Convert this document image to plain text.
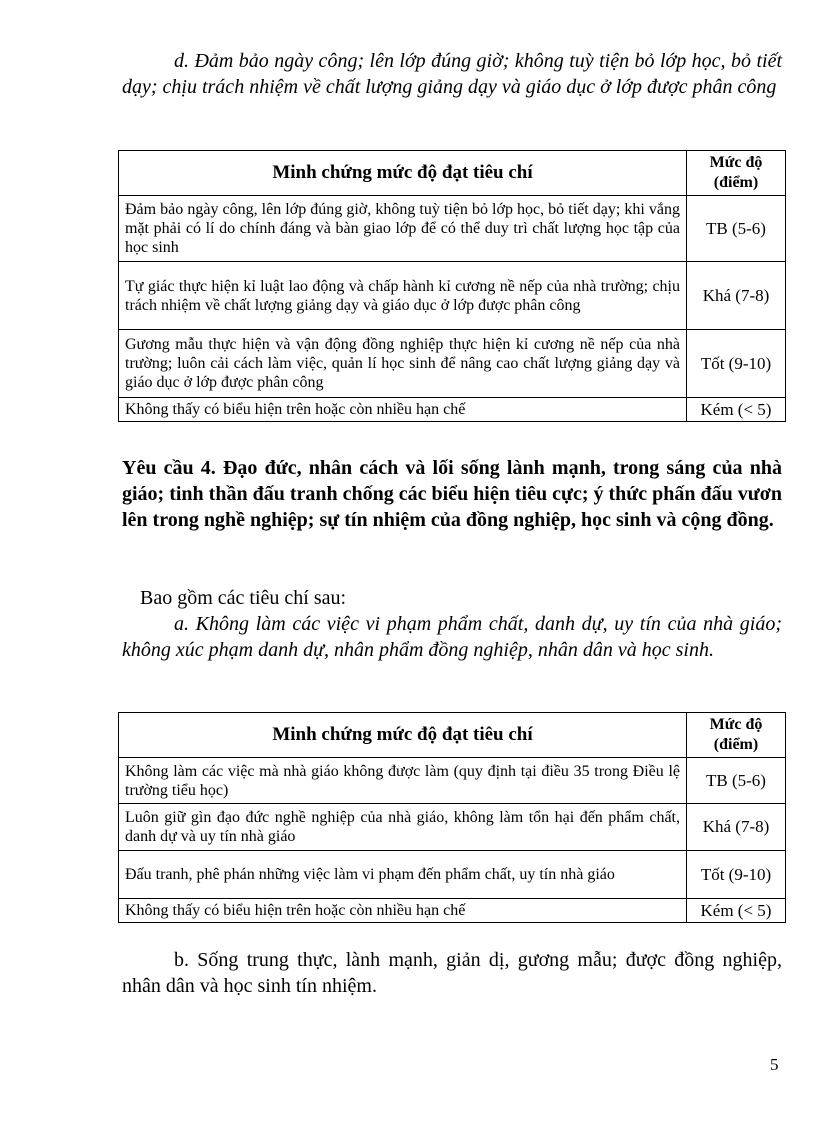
d. Đảm bảo ngày công; lên lớp đúng giờ; không tuỳ tiện bỏ lớp học, bỏ tiết dạy; chịu trách nhiệm về chất lượng giảng dạy và giáo dục ở lớp được phân công

Minh chứng mức độ đạt tiêu chí	Mức độ (điểm)
Đảm bảo ngày công, lên lớp đúng giờ, không tuỳ tiện bỏ lớp học, bỏ tiết dạy; khi vắng mặt phải có lí do chính đáng và bàn giao lớp để có thể duy trì chất lượng học tập của học sinh	TB (5-6)
Tự giác thực hiện kỉ luật lao động và chấp hành kỉ cương nề nếp của nhà trường; chịu trách nhiệm về chất lượng giảng dạy và giáo dục ở lớp được phân công	Khá (7-8)
Gương mẫu thực hiện và vận động đồng nghiệp thực hiện kỉ cương nề nếp của nhà trường; luôn cải cách làm việc, quản lí học sinh để nâng cao chất lượng giảng dạy và giáo dục ở lớp được phân công	Tốt (9-10)
Không thấy có biểu hiện trên hoặc còn nhiều hạn chế	Kém (< 5)

Yêu cầu 4. Đạo đức, nhân cách và lối sống lành mạnh, trong sáng của nhà giáo; tinh thần đấu tranh chống các biểu hiện tiêu cực; ý thức phấn đấu vươn lên trong nghề nghiệp; sự tín nhiệm của đồng nghiệp, học sinh và cộng đồng.

Bao gồm các tiêu chí sau:

a. Không làm các việc vi phạm phẩm chất, danh dự, uy tín của nhà giáo; không xúc phạm danh dự, nhân phẩm đồng nghiệp, nhân dân và học sinh.

Minh chứng mức độ đạt tiêu chí	Mức độ (điểm)
Không làm các việc mà nhà giáo không được làm (quy định tại điều 35 trong Điều lệ trường tiểu học)	TB (5-6)
Luôn giữ gìn đạo đức nghề nghiệp của nhà giáo, không làm tổn hại đến phẩm chất, danh dự và uy tín nhà giáo	Khá (7-8)
Đấu tranh, phê phán những việc làm vi phạm đến phẩm chất, uy tín nhà giáo	Tốt (9-10)
Không thấy có biểu hiện trên hoặc còn nhiều hạn chế	Kém (< 5)

b. Sống trung thực, lành mạnh, giản dị, gương mẫu; được đồng nghiệp, nhân dân và học sinh tín nhiệm.

5
